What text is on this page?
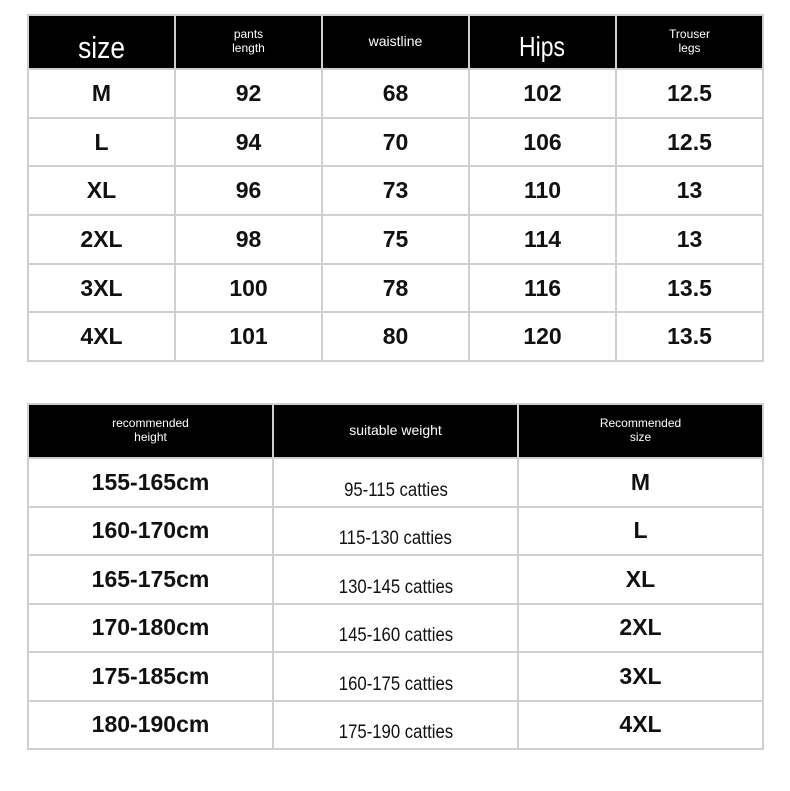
size	pants length	waistline	Hips	Trouser legs
M	92	68	102	12.5
L	94	70	106	12.5
XL	96	73	110	13
2XL	98	75	114	13
3XL	100	78	116	13.5
4XL	101	80	120	13.5
recommended height	suitable weight	Recommended size
155-165cm	95-115 catties	M
160-170cm	115-130 catties	L
165-175cm	130-145 catties	XL
170-180cm	145-160 catties	2XL
175-185cm	160-175 catties	3XL
180-190cm	175-190 catties	4XL
